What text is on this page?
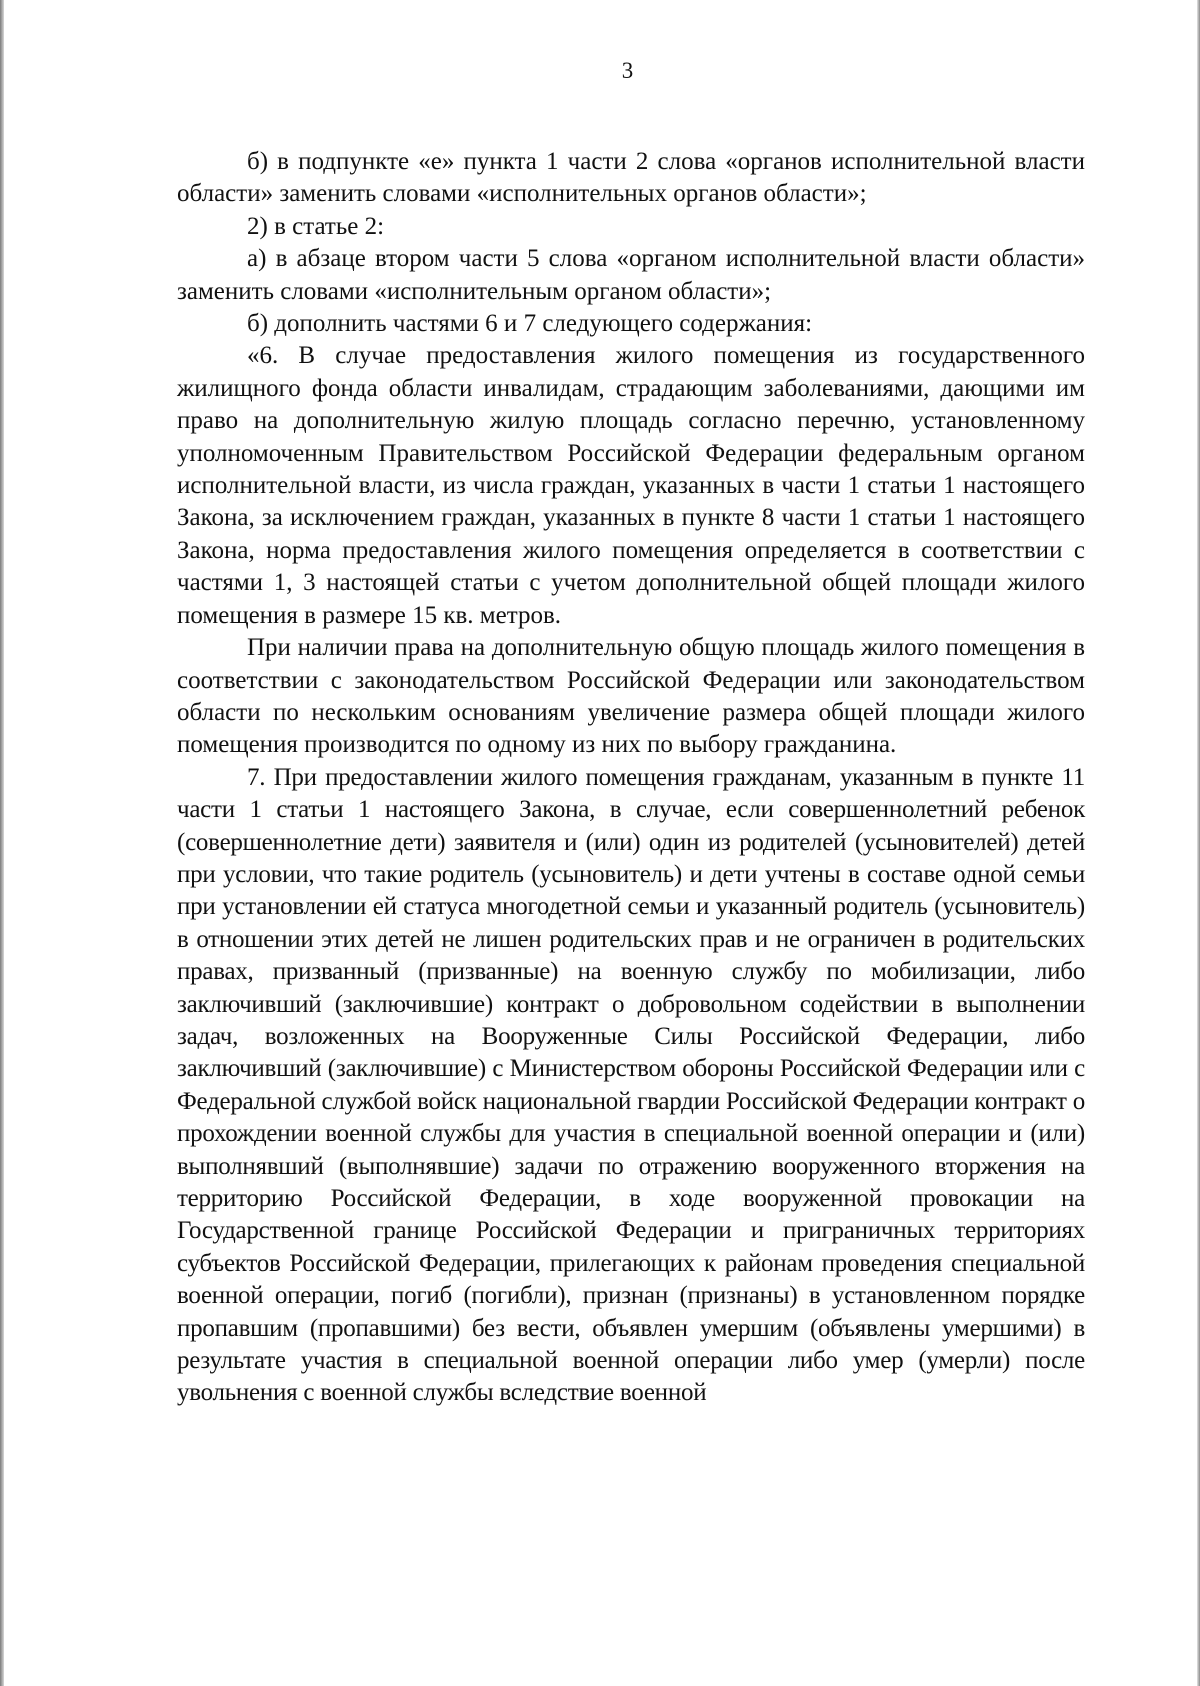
3

б) в подпункте «е» пункта 1 части 2 слова «органов исполнительной власти области» заменить словами «исполнительных органов области»;

2) в статье 2:

а) в абзаце втором части 5 слова «органом исполнительной власти области» заменить словами «исполнительным органом области»;

б) дополнить частями 6 и 7 следующего содержания:

«6. В случае предоставления жилого помещения из государственного жилищного фонда области инвалидам, страдающим заболеваниями, дающими им право на дополнительную жилую площадь согласно перечню, установленному уполномоченным Правительством Российской Федерации федеральным органом исполнительной власти, из числа граждан, указанных в части 1 статьи 1 настоящего Закона, за исключением граждан, указанных в пункте 8 части 1 статьи 1 настоящего Закона, норма предоставления жилого помещения определяется в соответствии с частями 1, 3 настоящей статьи с учетом дополнительной общей площади жилого помещения в размере 15 кв. метров.

При наличии права на дополнительную общую площадь жилого помещения в соответствии с законодательством Российской Федерации или законодательством области по нескольким основаниям увеличение размера общей площади жилого помещения производится по одному из них по выбору гражданина.

7. При предоставлении жилого помещения гражданам, указанным в пункте 11 части 1 статьи 1 настоящего Закона, в случае, если совершеннолетний ребенок (совершеннолетние дети) заявителя и (или) один из родителей (усыновителей) детей при условии, что такие родитель (усыновитель) и дети учтены в составе одной семьи при установлении ей статуса многодетной семьи и указанный родитель (усыновитель) в отношении этих детей не лишен родительских прав и не ограничен в родительских правах, призванный (призванные) на военную службу по мобилизации, либо заключивший (заключившие) контракт о добровольном содействии в выполнении задач, возложенных на Вооруженные Силы Российской Федерации, либо заключивший (заключившие) с Министерством обороны Российской Федерации или с Федеральной службой войск национальной гвардии Российской Федерации контракт о прохождении военной службы для участия в специальной военной операции и (или) выполнявший (выполнявшие) задачи по отражению вооруженного вторжения на территорию Российской Федерации, в ходе вооруженной провокации на Государственной границе Российской Федерации и приграничных территориях субъектов Российской Федерации, прилегающих к районам проведения специальной военной операции, погиб (погибли), признан (признаны) в установленном порядке пропавшим (пропавшими) без вести, объявлен умершим (объявлены умершими) в результате участия в специальной военной операции либо умер (умерли) после увольнения с военной службы вследствие военной
